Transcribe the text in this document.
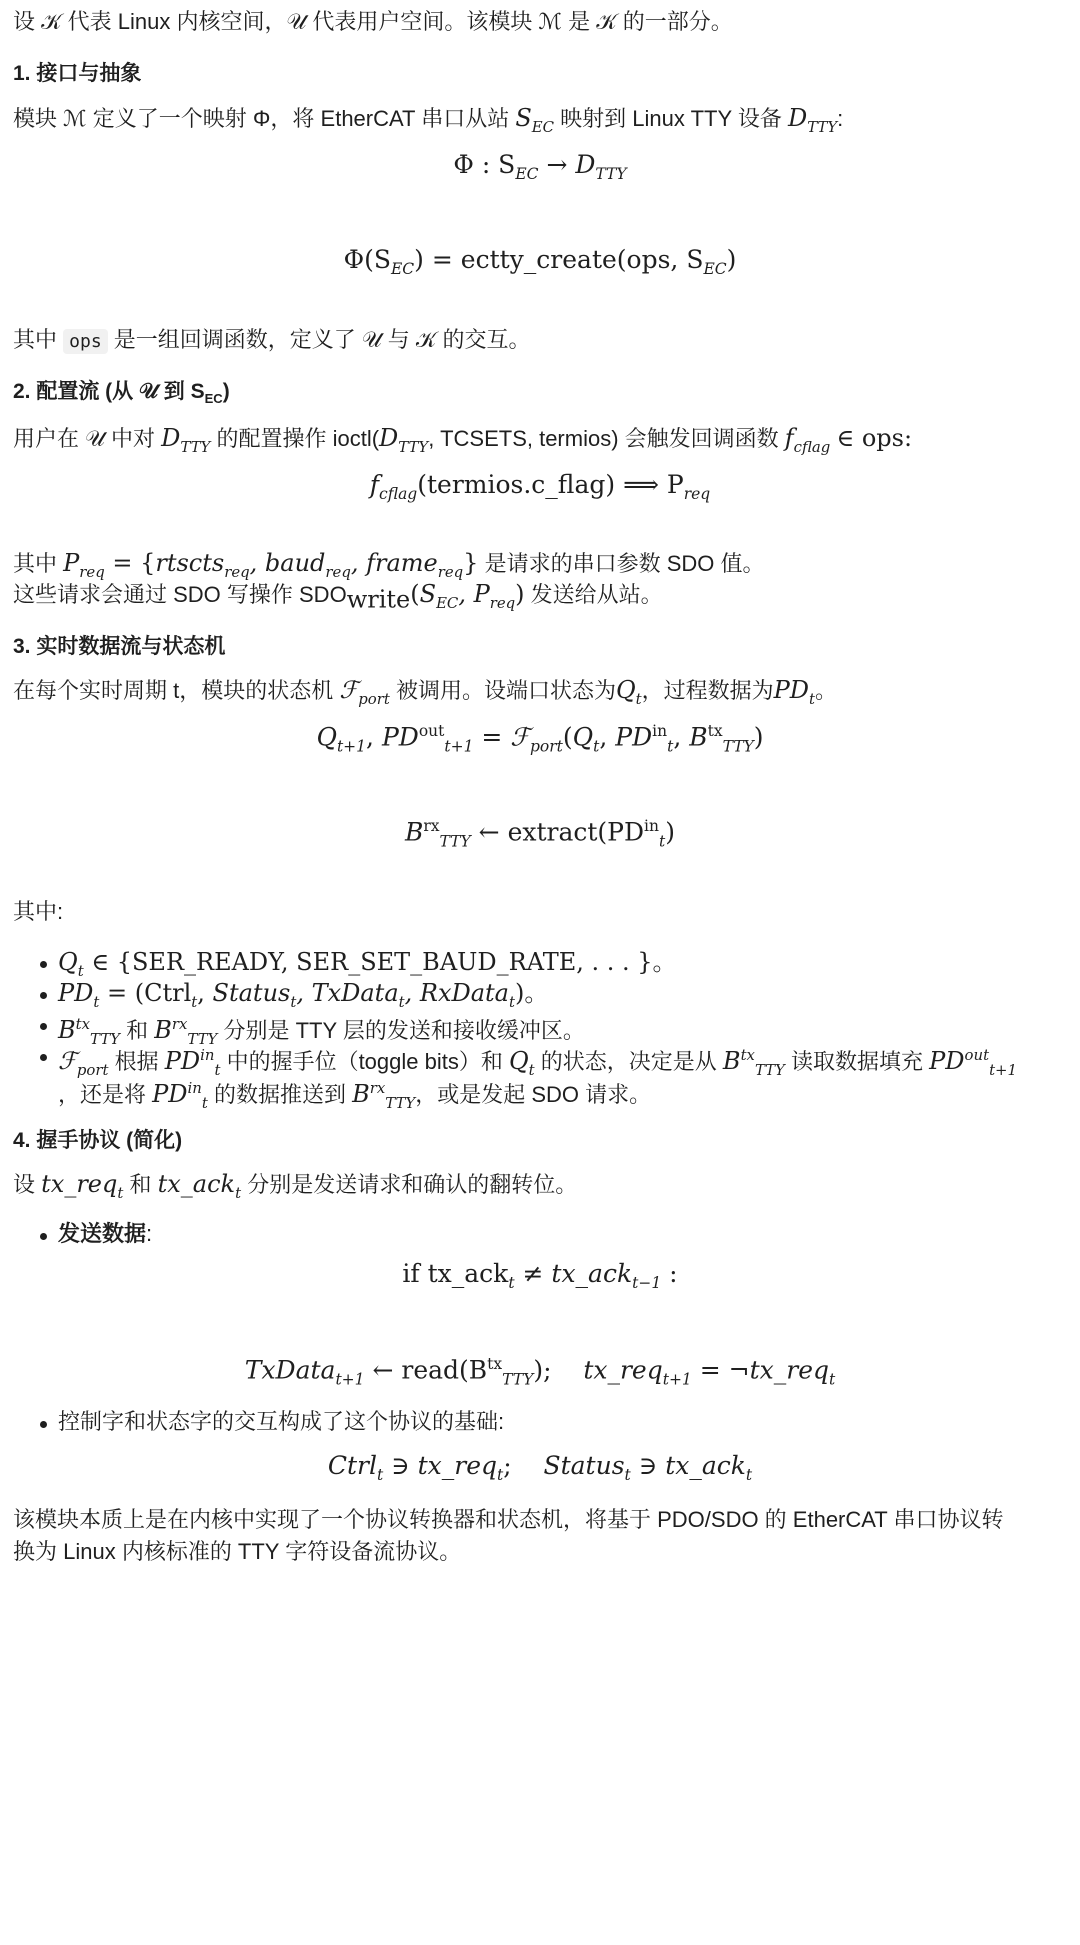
设 𝒦 代表 Linux 内核空间，𝒰 代表用户空间。该模块 ℳ 是 𝒦 的一部分。
1. 接口与抽象
模块 ℳ 定义了一个映射 Φ，将 EtherCAT 串口从站 $S_{EC}$ 映射到 Linux TTY 设备 $D_{TTY}$:
Φ : $S_{EC} \to D_{TTY}$
$\Phi(S_{EC})$ = ectty_create(ops, $S_{EC}$)
其中 ops 是一组回调函数，定义了 𝒰 与 𝒦 的交互。
2. 配置流 (从 𝒰 到 $S_{EC}$)
用户在 𝒰 中对 $D_{TTY}$ 的配置操作 $ioctl(D_{TTY}$, TCSETS, termios) 会触发回调函数 $f_{cflag}$ ∈ ops:
$f_{cflag}(termios.c\_flag)$ ⟹ $P_{req}$
其中 $P_{req}$ = {rtscts$_{req}$, baud$_{req}$, frame$_{req}$} 是请求的串口参数 SDO 值。
这些请求会通过 SDO 写操作 $SDO_{write}(S_{EC}$, $P_{req}$) 发送给从站。
3. 实时数据流与状态机
在每个实时周期 t，模块的状态机 ℱ$_{port}$ 被调用。设端口状态为$Q_t$，过程数据为$PD_t$。
$Q_{t+1}$, $PD^{out}_{t+1}$ = $ℱ_{port}(Q_t$, $PD^{in}_t$, $B^{tx}_{TTY}$)
$B^{rx}_{TTY}$ ← $extract(PD^{in}_t)$
其中:
$Q_t$ ∈ {SER_READY, SER_SET_BAUD_RATE, . . . }。
$PD_t$ = (Ctrl$_t$, Status$_t$, TxData$_t$, RxData$_t$)。
$B^{tx}_{TTY}$ 和 $B^{rx}_{TTY}$ 分别是 TTY 层的发送和接收缓冲区。
ℱ$_{port}$ 根据 $PD^{in}_t$ 中的握手位（toggle bits）和 $Q_t$ 的状态，决定是从 $B^{tx}_{TTY}$ 读取数据填充 $PD^{out}_{t+1}$
，还是将 $PD^{in}_t$ 的数据推送到 $B^{rx}_{TTY}$，或是发起 SDO 请求。
4. 握手协议 (简化)
设 tx_req$_t$ 和 tx_ack$_t$ 分别是发送请求和确认的翻转位。
发送数据:
if tx_ack$_t$ ≠ tx_ack$_{t-1}$ :
TxData$_{t+1}$ ← $read(B^{tx}_{TTY})$;    tx_req$_{t+1}$ = ¬tx_req$_t$
控制字和状态字的交互构成了这个协议的基础:
Ctrl$_t$ ∋ tx_req$_t$;    Status$_t$ ∋ tx_ack$_t$
该模块本质上是在内核中实现了一个协议转换器和状态机，将基于 PDO/SDO 的 EtherCAT 串口协议转
换为 Linux 内核标准的 TTY 字符设备流协议。
